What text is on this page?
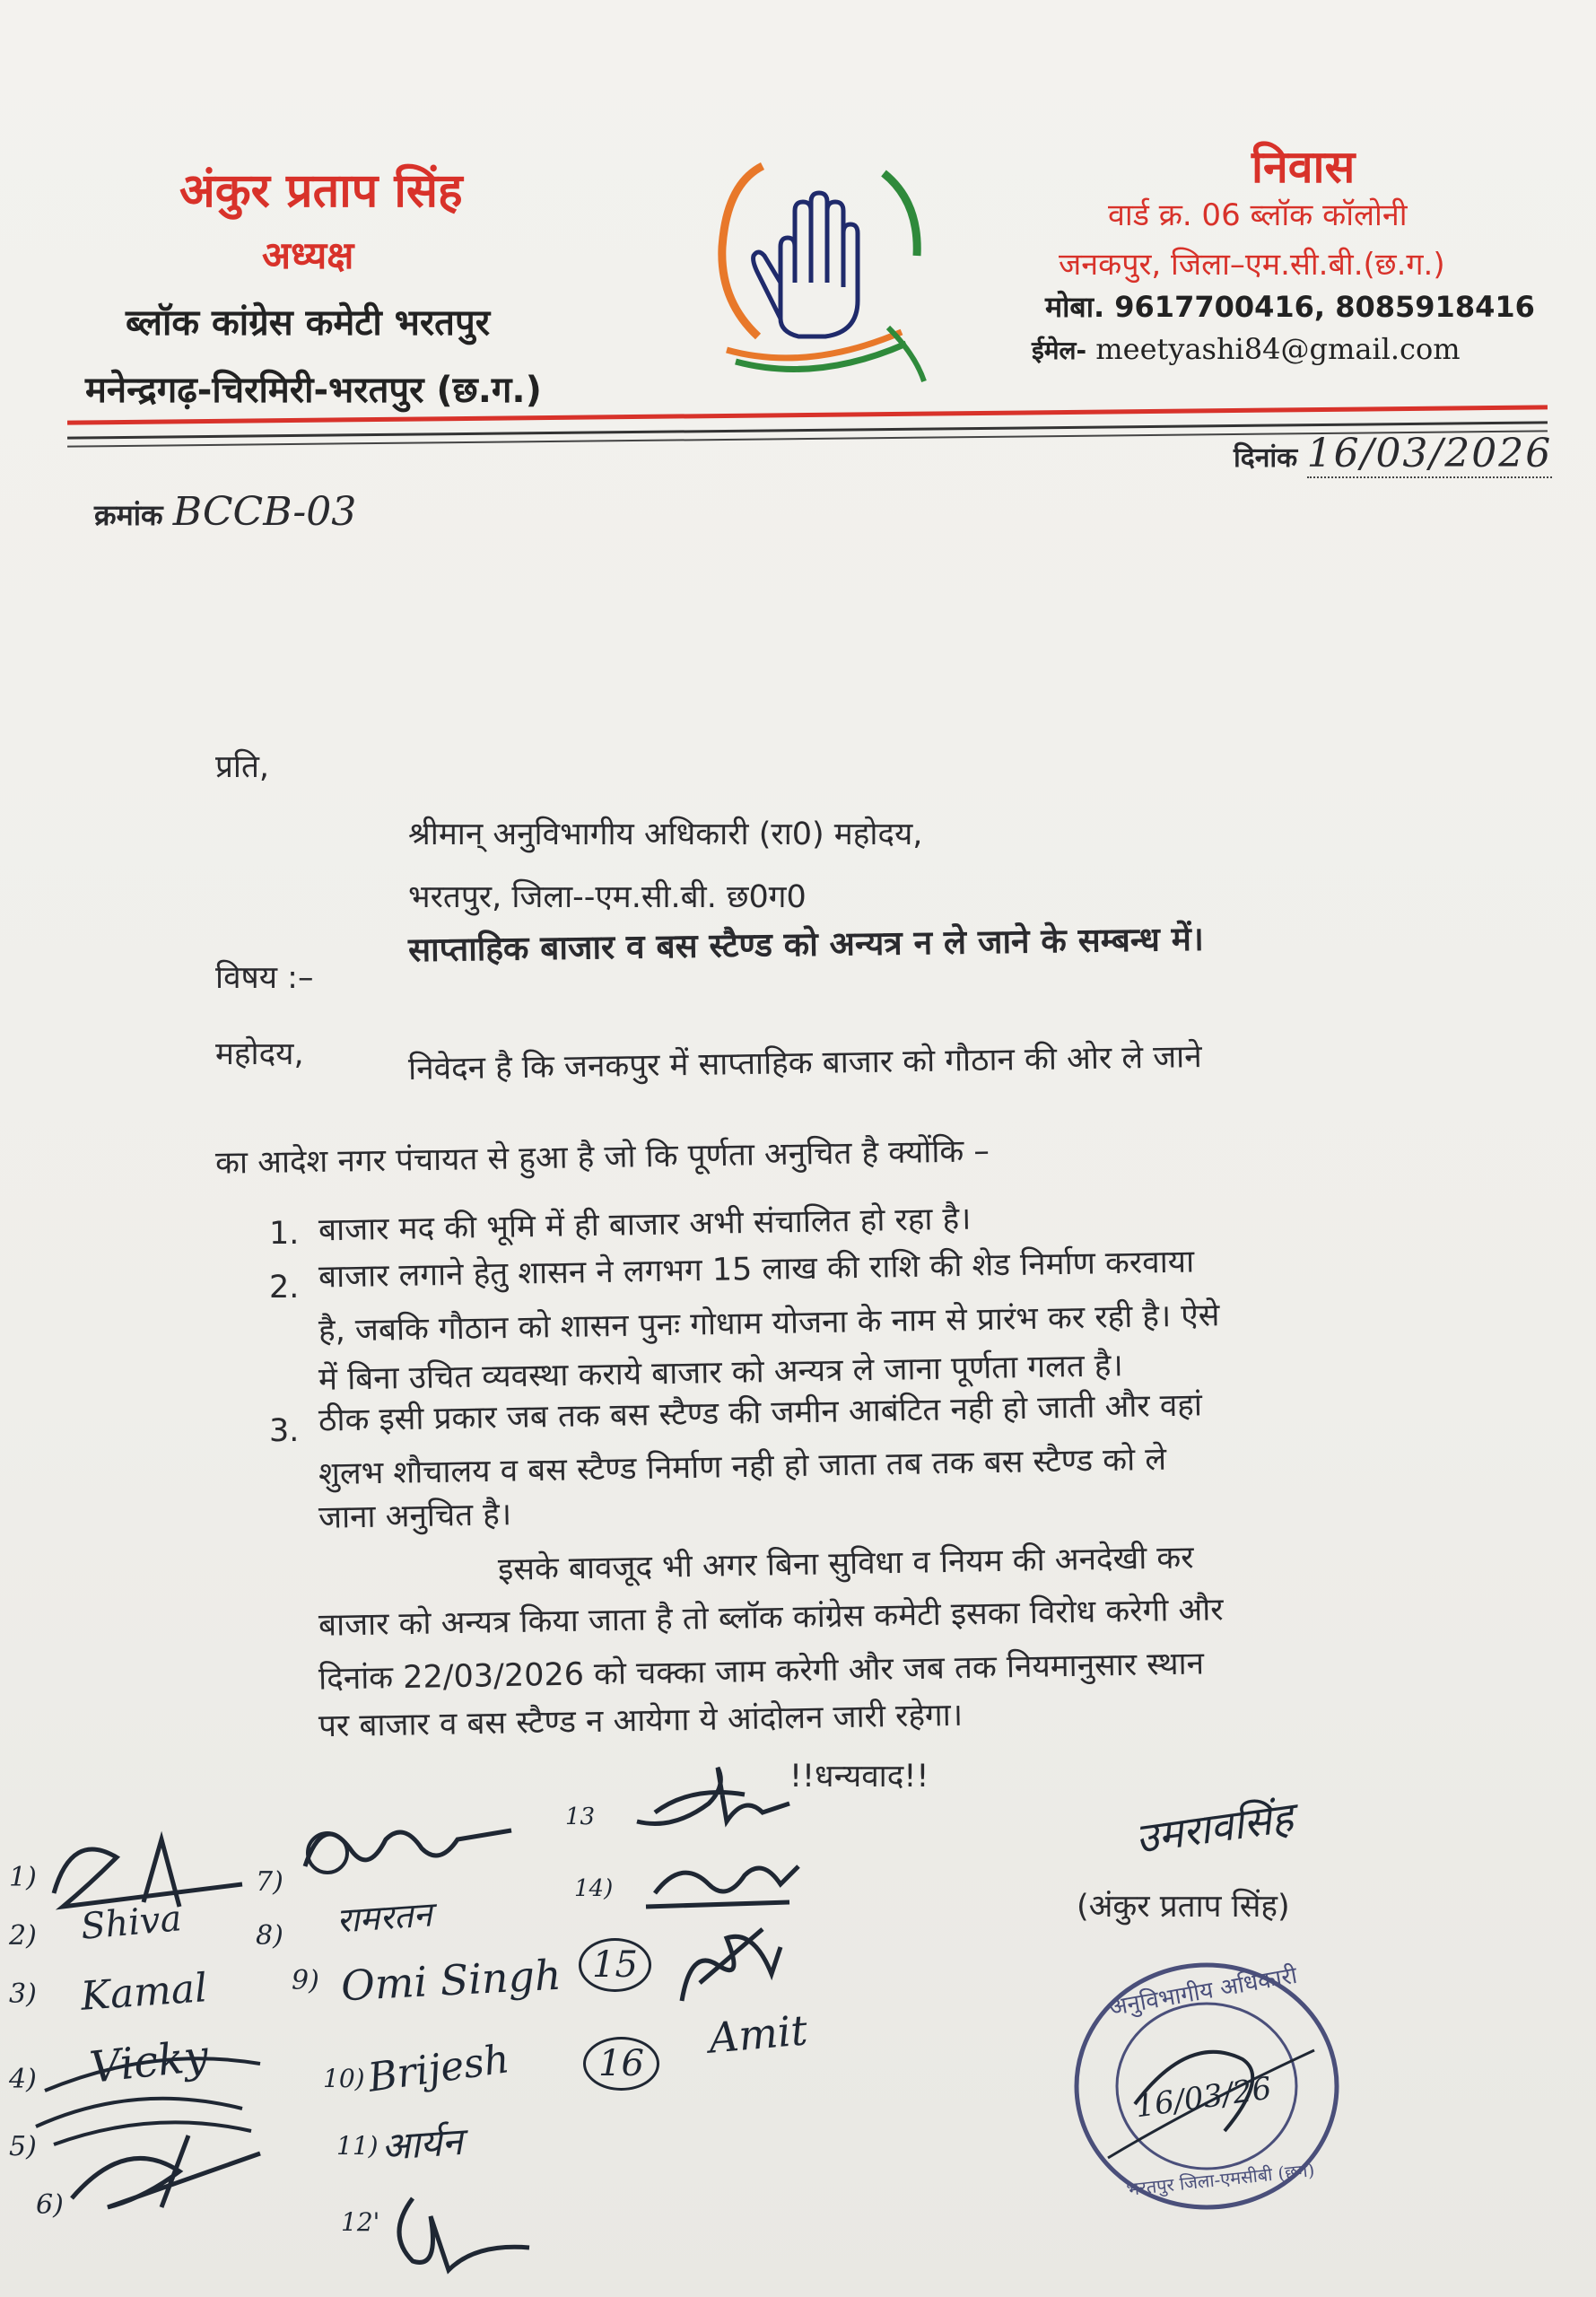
अंकुर प्रताप सिंह
अध्यक्ष
ब्लॉक कांग्रेस कमेटी भरतपुर
मनेन्द्रगढ़-चिरमिरी-भरतपुर (छ.ग.)
निवास
वार्ड क्र. 06 ब्लॉक कॉलोनी
जनकपुर, जिला–एम.सी.बी.(छ.ग.)
मोबा. 9617700416, 8085918416
ईमेल- meetyashi84@gmail.com
क्रमांक BCCB-03
दिनांक 16/03/2026
प्रति,
श्रीमान् अनुविभागीय अधिकारी (रा0) महोदय,
भरतपुर, जिला--एम.सी.बी. छ0ग0
विषय :–
साप्ताहिक बाजार व बस स्टैण्ड को अन्यत्र न ले जाने के सम्बन्ध में।
महोदय,	निवेदन है कि जनकपुर में साप्ताहिक बाजार को गौठान की ओर ले जाने
का आदेश नगर पंचायत से हुआ है जो कि पूर्णता अनुचित है क्योंकि –
1. बाजार मद की भूमि में ही बाजार अभी संचालित हो रहा है।
2. बाजार लगाने हेतु शासन ने लगभग 15 लाख की राशि की शेड निर्माण करवाया
है, जबकि गौठान को शासन पुनः गोधाम योजना के नाम से प्रारंभ कर रही है। ऐसे
में बिना उचित व्यवस्था कराये बाजार को अन्यत्र ले जाना पूर्णता गलत है।
3. ठीक इसी प्रकार जब तक बस स्टैण्ड की जमीन आबंटित नही हो जाती और वहां
शुलभ शौचालय व बस स्टैण्ड निर्माण नही हो जाता तब तक बस स्टैण्ड को ले
जाना अनुचित है।
इसके बावजूद भी अगर बिना सुविधा व नियम की अनदेखी कर
बाजार को अन्यत्र किया जाता है तो ब्लॉक कांग्रेस कमेटी इसका विरोध करेगी और
दिनांक 22/03/2026 को चक्का जाम करेगी और जब तक नियमानुसार स्थान
पर बाजार व बस स्टैण्ड न आयेगा ये आंदोलन जारी रहेगा।
!!धन्यवाद!!
उमरावसिंह
(अंकुर प्रताप सिंह)
अनुविभागीय अधिकारी
16/03/26
भरतपुर जिला-एमसीबी (छग)
1)
2)
3)
4)
5)
6)
Shiva
Kamal
Vicky
7)
8)
9)
10)
11)
12'
रामरतन
Omi Singh
Brijesh
आर्यन
13
14)
15
16
Amit
